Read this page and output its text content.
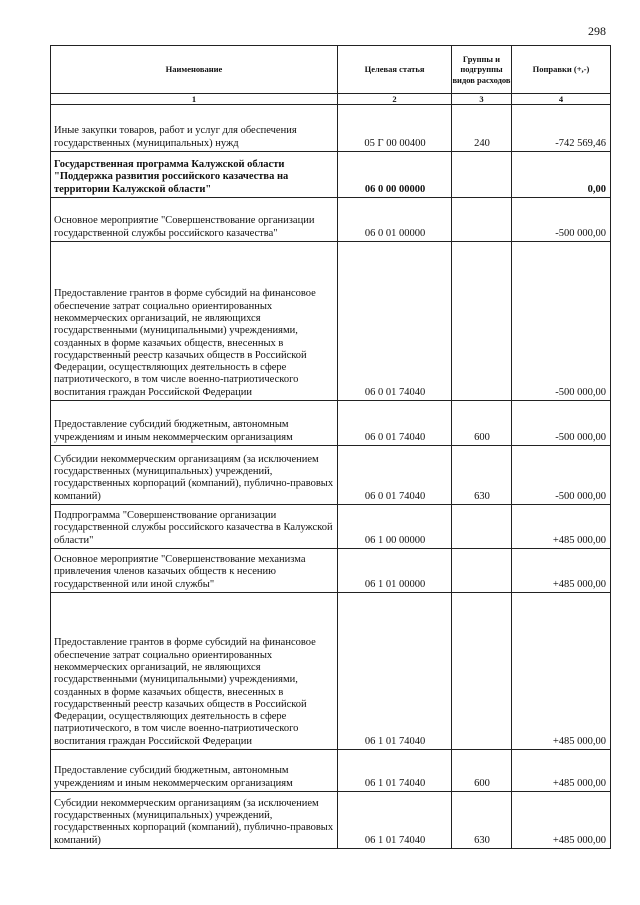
298
Наименование	Целевая статья	Группы и подгруппы видов расходов	Поправки (+,-)
1	2	3	4
Иные закупки товаров, работ и услуг для обеспечения государственных (муниципальных) нужд	05 Г 00 00400	240	-742 569,46
Государственная программа Калужской области "Поддержка развития российского казачества на территории Калужской области"	06 0 00 00000		0,00
Основное мероприятие "Совершенствование организации государственной службы российского казачества"	06 0 01 00000		-500 000,00
Предоставление грантов в форме субсидий на финансовое обеспечение затрат социально ориентированных некоммерческих организаций, не являющихся государственными (муниципальными) учреждениями, созданных в форме казачьих обществ, внесенных в государственный реестр казачьих обществ в Российской Федерации, осуществляющих деятельность в сфере патриотического, в том числе военно-патриотического воспитания граждан Российской Федерации	06 0 01 74040		-500 000,00
Предоставление субсидий бюджетным, автономным учреждениям и иным некоммерческим организациям	06 0 01 74040	600	-500 000,00
Субсидии некоммерческим организациям (за исключением государственных (муниципальных) учреждений, государственных корпораций (компаний), публично-правовых компаний)	06 0 01 74040	630	-500 000,00
Подпрограмма "Совершенствование организации государственной службы российского казачества в Калужской области"	06 1 00 00000		+485 000,00
Основное мероприятие "Совершенствование механизма привлечения членов казачьих обществ к несению государственной или иной службы"	06 1 01 00000		+485 000,00
Предоставление грантов в форме субсидий на финансовое обеспечение затрат социально ориентированных некоммерческих организаций, не являющихся государственными (муниципальными) учреждениями, созданных в форме казачьих обществ, внесенных в государственный реестр казачьих обществ в Российской Федерации, осуществляющих деятельность в сфере патриотического, в том числе военно-патриотического воспитания граждан Российской Федерации	06 1 01 74040		+485 000,00
Предоставление субсидий бюджетным, автономным учреждениям и иным некоммерческим организациям	06 1 01 74040	600	+485 000,00
Субсидии некоммерческим организациям (за исключением государственных (муниципальных) учреждений, государственных корпораций (компаний), публично-правовых компаний)	06 1 01 74040	630	+485 000,00
